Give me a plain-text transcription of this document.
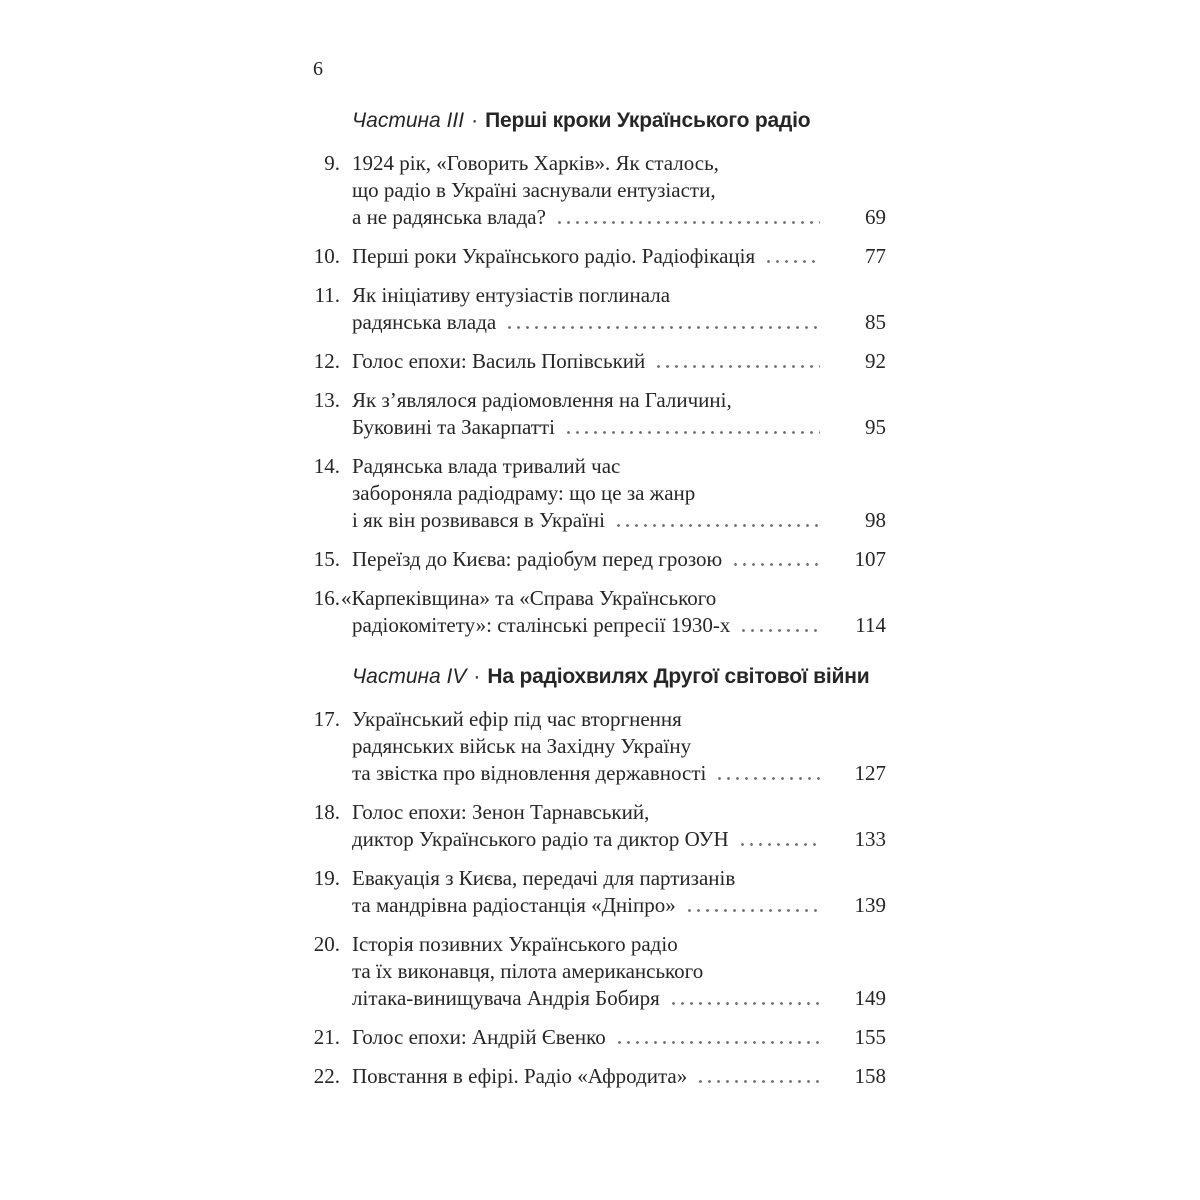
6
Частина III · Перші кроки Українського радіо
9. 1924 рік, «Говорить Харків». Як сталось,
що радіо в Україні заснували ентузіасти,
а не радянська влада?	69
10. Перші роки Українського радіо. Радіофікація	77
11. Як ініціативу ентузіастів поглинала
радянська влада	85
12. Голос епохи: Василь Попівський	92
13. Як з’являлося радіомовлення на Галичині,
Буковині та Закарпатті	95
14. Радянська влада тривалий час
забороняла радіодраму: що це за жанр
і як він розвивався в Україні	98
15. Переїзд до Києва: радіобум перед грозою	107
16. «Карпеківщина» та «Справа Українського
радіокомітету»: сталінські репресії 1930-х	114
Частина IV · На радіохвилях Другої світової війни
17. Український ефір під час вторгнення
радянських військ на Західну Україну
та звістка про відновлення державності	127
18. Голос епохи: Зенон Тарнавський,
диктор Українського радіо та диктор ОУН	133
19. Евакуація з Києва, передачі для партизанів
та мандрівна радіостанція «Дніпро»	139
20. Історія позивних Українського радіо
та їх виконавця, пілота американського
літака-винищувача Андрія Бобиря	149
21. Голос епохи: Андрій Євенко	155
22. Повстання в ефірі. Радіо «Афродита»	158
